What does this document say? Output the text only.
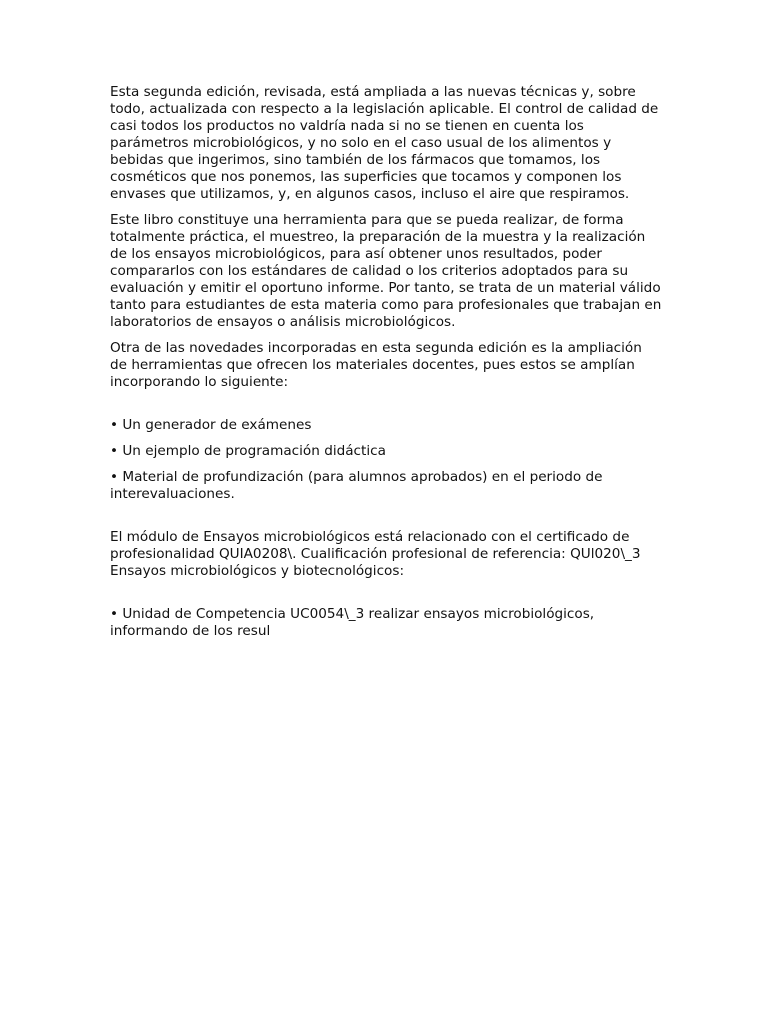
Esta segunda edición, revisada, está ampliada a las nuevas técnicas y, sobre todo, actualizada con respecto a la legislación aplicable. El control de calidad de casi todos los productos no valdría nada si no se tienen en cuenta los parámetros microbiológicos, y no solo en el caso usual de los alimentos y bebidas que ingerimos, sino también de los fármacos que tomamos, los cosméticos que nos ponemos, las superficies que tocamos y componen los envases que utilizamos, y, en algunos casos, incluso el aire que respiramos.

Este libro constituye una herramienta para que se pueda realizar, de forma totalmente práctica, el muestreo, la preparación de la muestra y la realización de los ensayos microbiológicos, para así obtener unos resultados, poder compararlos con los estándares de calidad o los criterios adoptados para su evaluación y emitir el oportuno informe. Por tanto, se trata de un material válido tanto para estudiantes de esta materia como para profesionales que trabajan en laboratorios de ensayos o análisis microbiológicos.

Otra de las novedades incorporadas en esta segunda edición es la ampliación de herramientas que ofrecen los materiales docentes, pues estos se amplían incorporando lo siguiente:

• Un generador de exámenes

• Un ejemplo de programación didáctica

• Material de profundización (para alumnos aprobados) en el periodo de interevaluaciones.

El módulo de Ensayos microbiológicos está relacionado con el certificado de profesionalidad QUIA0208\. Cualificación profesional de referencia: QUl020\_3 Ensayos microbiológicos y biotecnológicos:

• Unidad de Competencia UC0054\_3 realizar ensayos microbiológicos, informando de los resul
